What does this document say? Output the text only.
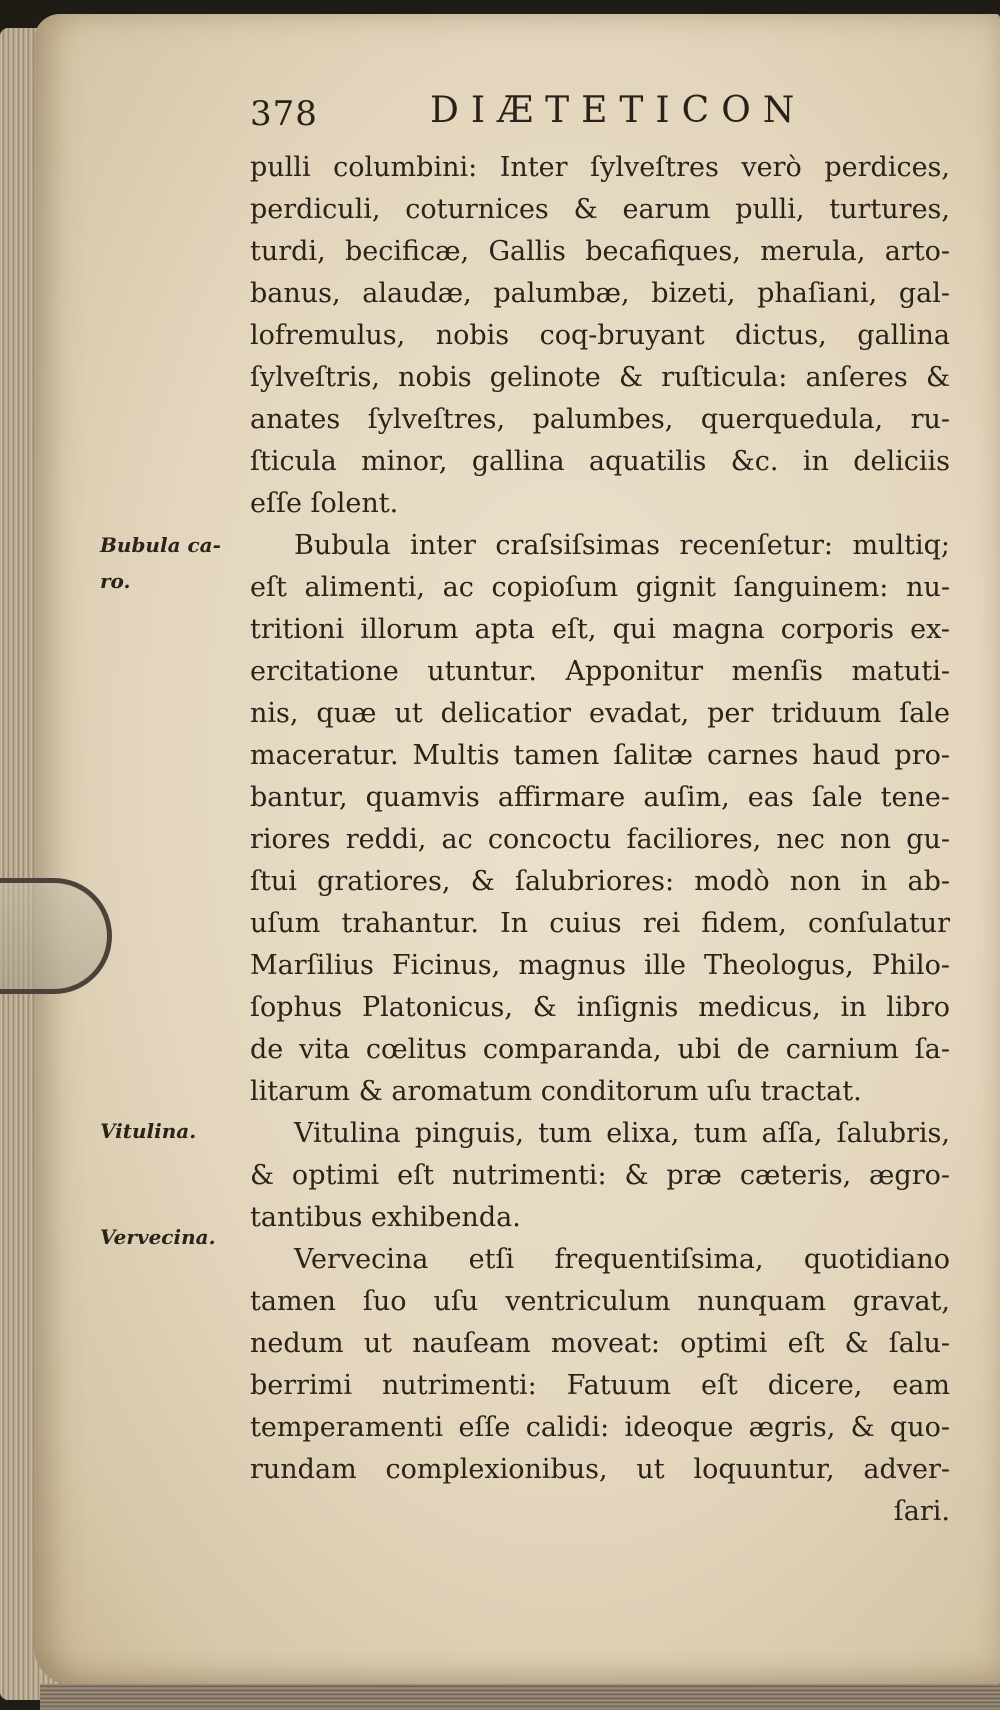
378	DIÆTETICON
pulli columbini: Inter ſylveſtres verò perdices,
perdiculi, coturnices & earum pulli, turtures,
turdi, becificæ, Gallis becafiques, merula, arto-
banus, alaudæ, palumbæ, bizeti, phaſiani, gal-
lofremulus, nobis coq-bruyant dictus, gallina
ſylveſtris, nobis gelinote & ruſticula: anſeres &
anates ſylveſtres, palumbes, querquedula, ru-
ſticula minor, gallina aquatilis &c. in deliciis
eſſe ſolent.
Bubula inter craſsiſsimas recenſetur: multiq;
eſt alimenti, ac copioſum gignit ſanguinem: nu-
tritioni illorum apta eſt, qui magna corporis ex-
ercitatione utuntur. Apponitur menſis matuti-
nis, quæ ut delicatior evadat, per triduum ſale
maceratur. Multis tamen ſalitæ carnes haud pro-
bantur, quamvis affirmare auſim, eas ſale tene-
riores reddi, ac concoctu faciliores, nec non gu-
ſtui gratiores, & ſalubriores: modò non in ab-
uſum trahantur. In cuius rei fidem, conſulatur
Marſilius Ficinus, magnus ille Theologus, Philo-
ſophus Platonicus, & inſignis medicus, in libro
de vita cœlitus comparanda, ubi de carnium ſa-
litarum & aromatum conditorum uſu tractat.
Vitulina pinguis, tum elixa, tum aſſa, ſalubris,
& optimi eſt nutrimenti: & præ cæteris, ægro-
tantibus exhibenda.
Vervecina etſi frequentiſsima, quotidiano
tamen ſuo uſu ventriculum nunquam gravat,
nedum ut nauſeam moveat: optimi eſt & ſalu-
berrimi nutrimenti: Fatuum eſt dicere, eam
temperamenti eſſe calidi: ideoque ægris, & quo-
rundam complexionibus, ut loquuntur, adver-
ſari.
Bubula ca-
ro.
Vitulina.
Vervecina.
